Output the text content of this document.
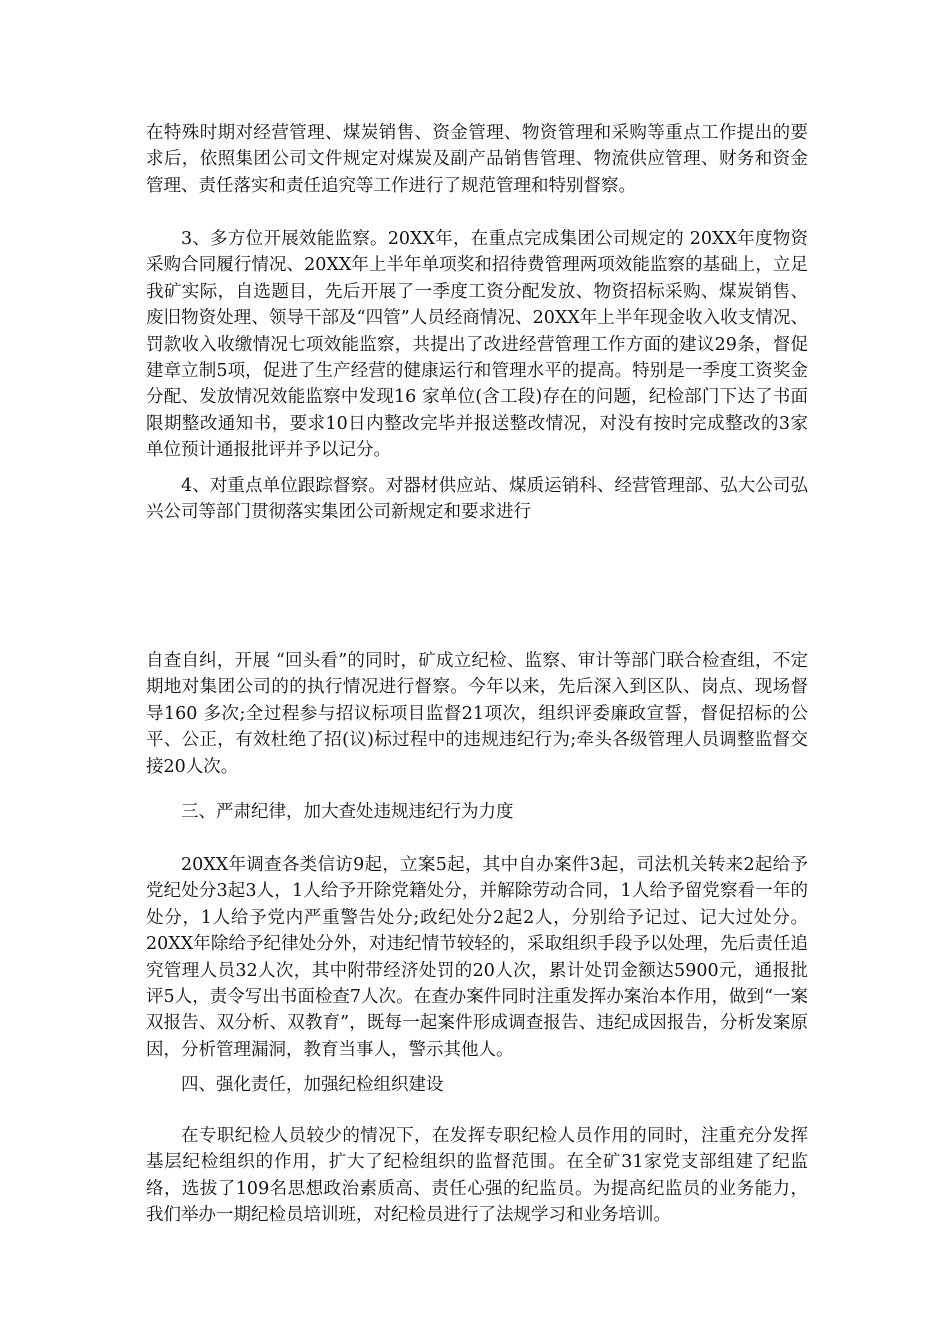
在特殊时期对经营管理、煤炭销售、资金管理、物资管理和采购等重点工作提出的要求后，依照集团公司文件规定对煤炭及副产品销售管理、物流供应管理、财务和资金管理、责任落实和责任追究等工作进行了规范管理和特别督察。

3、多方位开展效能监察。20XX年，在重点完成集团公司规定的 20XX年度物资采购合同履行情况、20XX年上半年单项奖和招待费管理两项效能监察的基础上，立足我矿实际，自选题目，先后开展了一季度工资分配发放、物资招标采购、煤炭销售、废旧物资处理、领导干部及“四管”人员经商情况、20XX年上半年现金收入收支情况、罚款收入收缴情况七项效能监察，共提出了改进经营管理工作方面的建议29条，督促建章立制5项，促进了生产经营的健康运行和管理水平的提高。特别是一季度工资奖金分配、发放情况效能监察中发现16 家单位(含工段)存在的问题，纪检部门下达了书面限期整改通知书，要求10日内整改完毕并报送整改情况，对没有按时完成整改的3家单位预计通报批评并予以记分。

4、对重点单位跟踪督察。对器材供应站、煤质运销科、经营管理部、弘大公司弘兴公司等部门贯彻落实集团公司新规定和要求进行

自查自纠，开展 “回头看”的同时，矿成立纪检、监察、审计等部门联合检查组，不定期地对集团公司的的执行情况进行督察。今年以来，先后深入到区队、岗点、现场督导160 多次;全过程参与招议标项目监督21项次，组织评委廉政宣誓，督促招标的公平、公正，有效杜绝了招(议)标过程中的违规违纪行为;牵头各级管理人员调整监督交接20人次。

三、严肃纪律，加大查处违规违纪行为力度

20XX年调查各类信访9起，立案5起，其中自办案件3起，司法机关转来2起给予党纪处分3起3人，1人给予开除党籍处分，并解除劳动合同，1人给予留党察看一年的处分，1人给予党内严重警告处分;政纪处分2起2人，分别给予记过、记大过处分。20XX年除给予纪律处分外，对违纪情节较轻的，采取组织手段予以处理，先后责任追究管理人员32人次，其中附带经济处罚的20人次，累计处罚金额达5900元，通报批评5人，责令写出书面检查7人次。在查办案件同时注重发挥办案治本作用，做到“一案双报告、双分析、双教育”，既每一起案件形成调查报告、违纪成因报告，分析发案原因，分析管理漏洞，教育当事人，警示其他人。

四、强化责任，加强纪检组织建设

在专职纪检人员较少的情况下，在发挥专职纪检人员作用的同时，注重充分发挥基层纪检组织的作用，扩大了纪检组织的监督范围。在全矿31家党支部组建了纪监络，选拔了109名思想政治素质高、责任心强的纪监员。为提高纪监员的业务能力，我们举办一期纪检员培训班，对纪检员进行了法规学习和业务培训。
